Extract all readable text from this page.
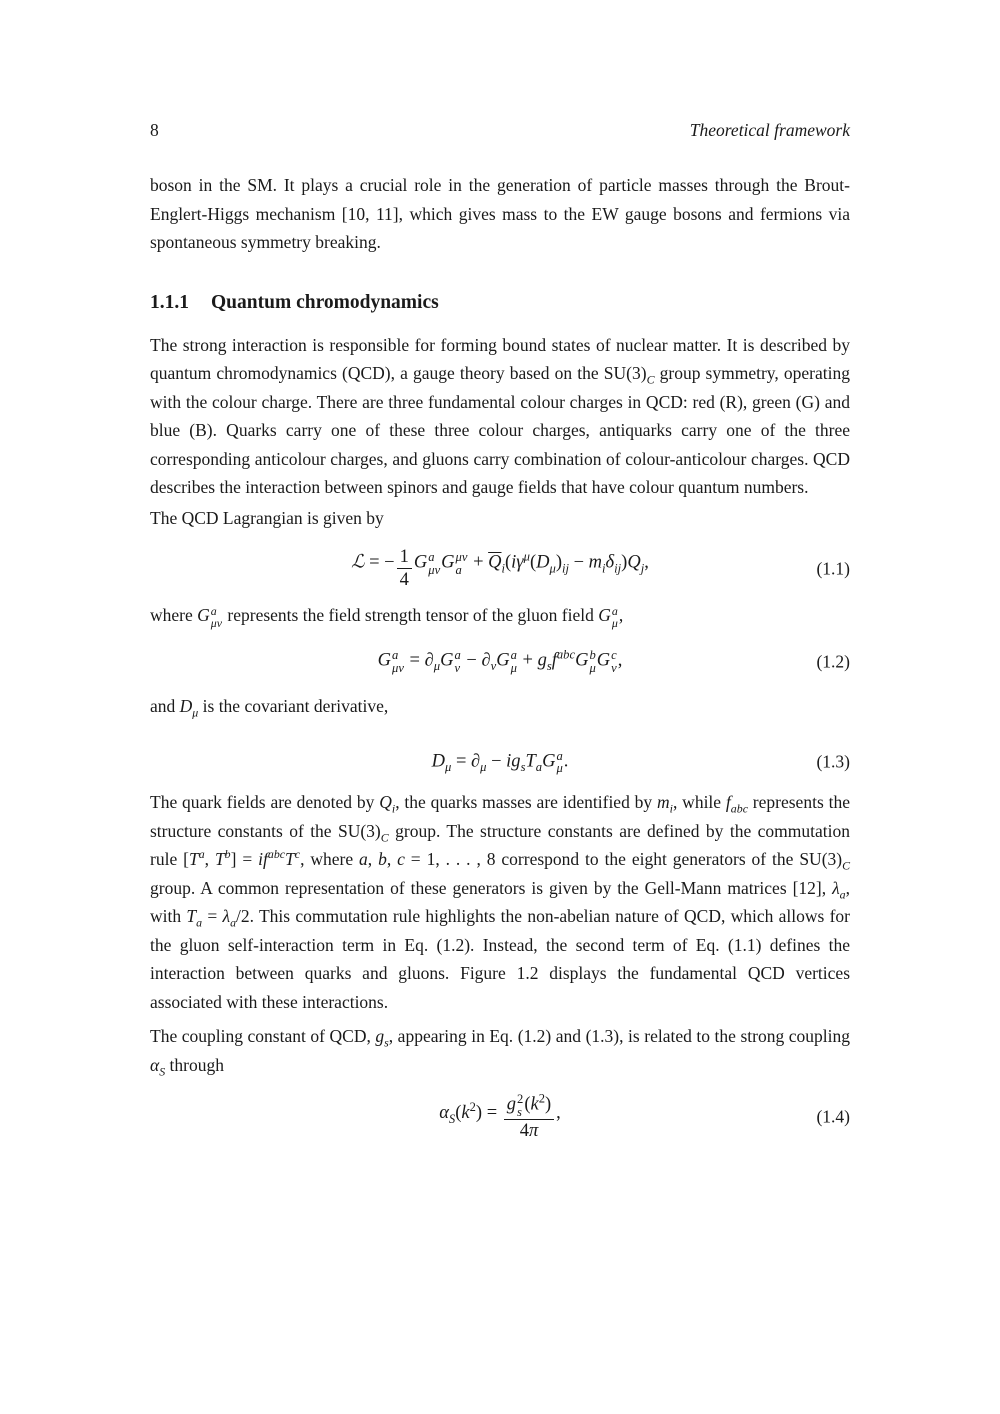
8	Theoretical framework

boson in the SM. It plays a crucial role in the generation of particle masses through the Brout-Englert-Higgs mechanism [10, 11], which gives mass to the EW gauge bosons and fermions via spontaneous symmetry breaking.

1.1.1 Quantum chromodynamics

The strong interaction is responsible for forming bound states of nuclear matter. It is described by quantum chromodynamics (QCD), a gauge theory based on the $SU(3)_C$ group symmetry, operating with the colour charge. There are three fundamental colour charges in QCD: red (R), green (G) and blue (B). Quarks carry one of these three colour charges, antiquarks carry one of the three corresponding anticolour charges, and gluons carry combination of colour-anticolour charges. QCD describes the interaction between spinors and gauge fields that have colour quantum numbers.

The QCD Lagrangian is given by

ℒ = − $\frac{1}{4}$ G a
μν G μν
$a + \overline{Q}_i(i\gamma^\mu(D_\mu)_{ij} - m_i\delta_{ij})Q_j$,	(1.1)

where G a
μν represents the field strength tensor of the gluon field G a
μ ,

G a
$\mu\nu = \partial_\mu G$ a
$\nu - \partial_\nu G$ a
$\mu + g_sf^{abc}G$ b
μ G c
ν ,	(1.2)

and $D_\mu$ is the covariant derivative,

$D_\mu = \partial_\mu - ig_sT_aG$ a
μ .	(1.3)

The quark fields are denoted by $Q_i$, the quarks masses are identified by $m_i$, while $f_{abc}$ represents the structure constants of the $SU(3)_C$ group. The structure constants are defined by the commutation rule [$T^a$, $T^b] = if^{abc}T^c$, where a, b, c = 1, . . . , 8 correspond to the eight generators of the $SU(3)_C$ group. A common representation of these generators is given by the Gell-Mann matrices [12], $\lambda_a$, with $T_a = \lambda_a/2$. This commutation rule highlights the non-abelian nature of QCD, which allows for the gluon self-interaction term in Eq. (1.2). Instead, the second term of Eq. (1.1) defines the interaction between quarks and gluons. Figure 1.2 displays the fundamental QCD vertices associated with these interactions.

The coupling constant of QCD, $g_s$, appearing in Eq. (1.2) and (1.3), is related to the strong coupling $\alpha_S$ through

$\alpha_S(k^2) = g$ 2
s $(k^2)$
4π ,	(1.4)
